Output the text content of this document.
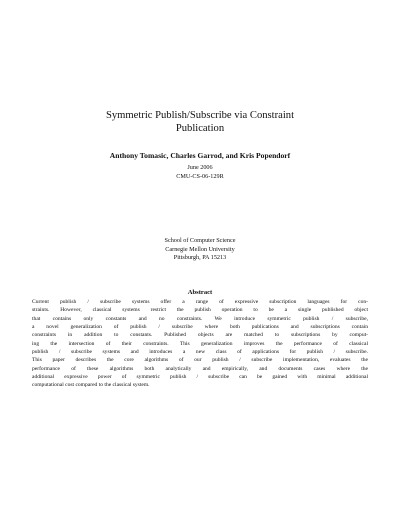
Symmetric Publish/Subscribe via Constraint
Publication
Anthony Tomasic, Charles Garrod, and Kris Popendorf
June 2006
CMU-CS-06-129R
School of Computer Science
Carnegie Mellon University
Pittsburgh, PA 15213
Abstract
Current publish / subscribe systems offer a range of expressive subscription languages for con-
straints. However, classical systems restrict the publish operation to be a single published object
that contains only constants and no constraints. We introduce symmetric publish / subscribe,
a novel generalization of publish / subscribe where both publications and subscriptions contain
constraints in addition to constants. Published objects are matched to subscriptions by comput-
ing the intersection of their constraints. This generalization improves the performance of classical
publish / subscribe systems and introduces a new class of applications for publish / subscribe.
This paper describes the core algorithms of our publish / subscribe implementation, evaluates the
performance of these algorithms both analytically and empirically, and documents cases where the
additional expressive power of symmetric publish / subscribe can be gained with minimal additional
computational cost compared to the classical system.
